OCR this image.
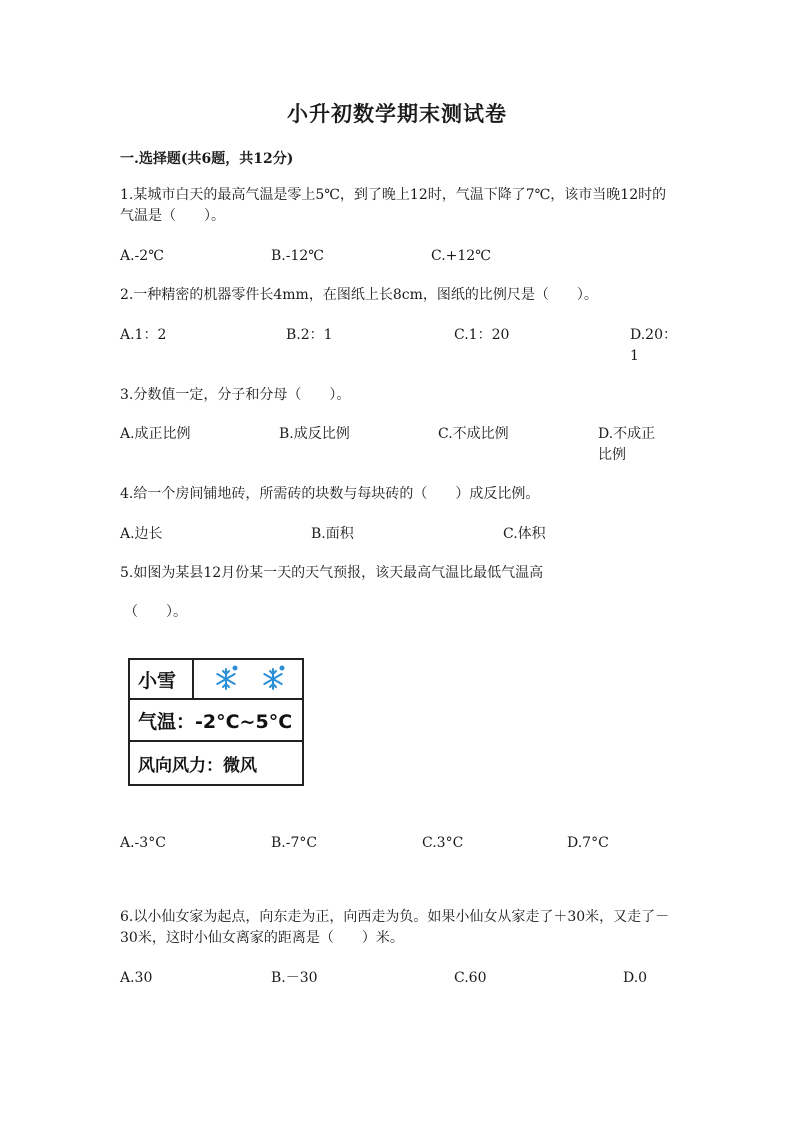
小升初数学期末测试卷
一.选择题(共6题，共12分)
1.某城市白天的最高气温是零上5℃，到了晚上12时，气温下降了7℃，该市当晚12时的气温是（　　）。
A.-2℃	B.-12℃	C.+12℃
2.一种精密的机器零件长4mm，在图纸上长8cm，图纸的比例尺是（　　）。
A.1：2	B.2：1	C.1：20	D.20：1
3.分数值一定，分子和分母（　　）。
A.成正比例	B.成反比例	C.不成比例	D.不成正比例
4.给一个房间铺地砖，所需砖的块数与每块砖的（　　）成反比例。
A.边长	B.面积	C.体积
5.如图为某县12月份某一天的天气预报，该天最高气温比最低气温高
（　　）。
小雪
气温：-2°C~5°C
风向风力：微风
A.-3°C	B.-7°C	C.3°C	D.7°C
6.以小仙女家为起点，向东走为正，向西走为负。如果小仙女从家走了＋30米，又走了－30米，这时小仙女离家的距离是（　　）米。
A.30	B.－30	C.60	D.0
